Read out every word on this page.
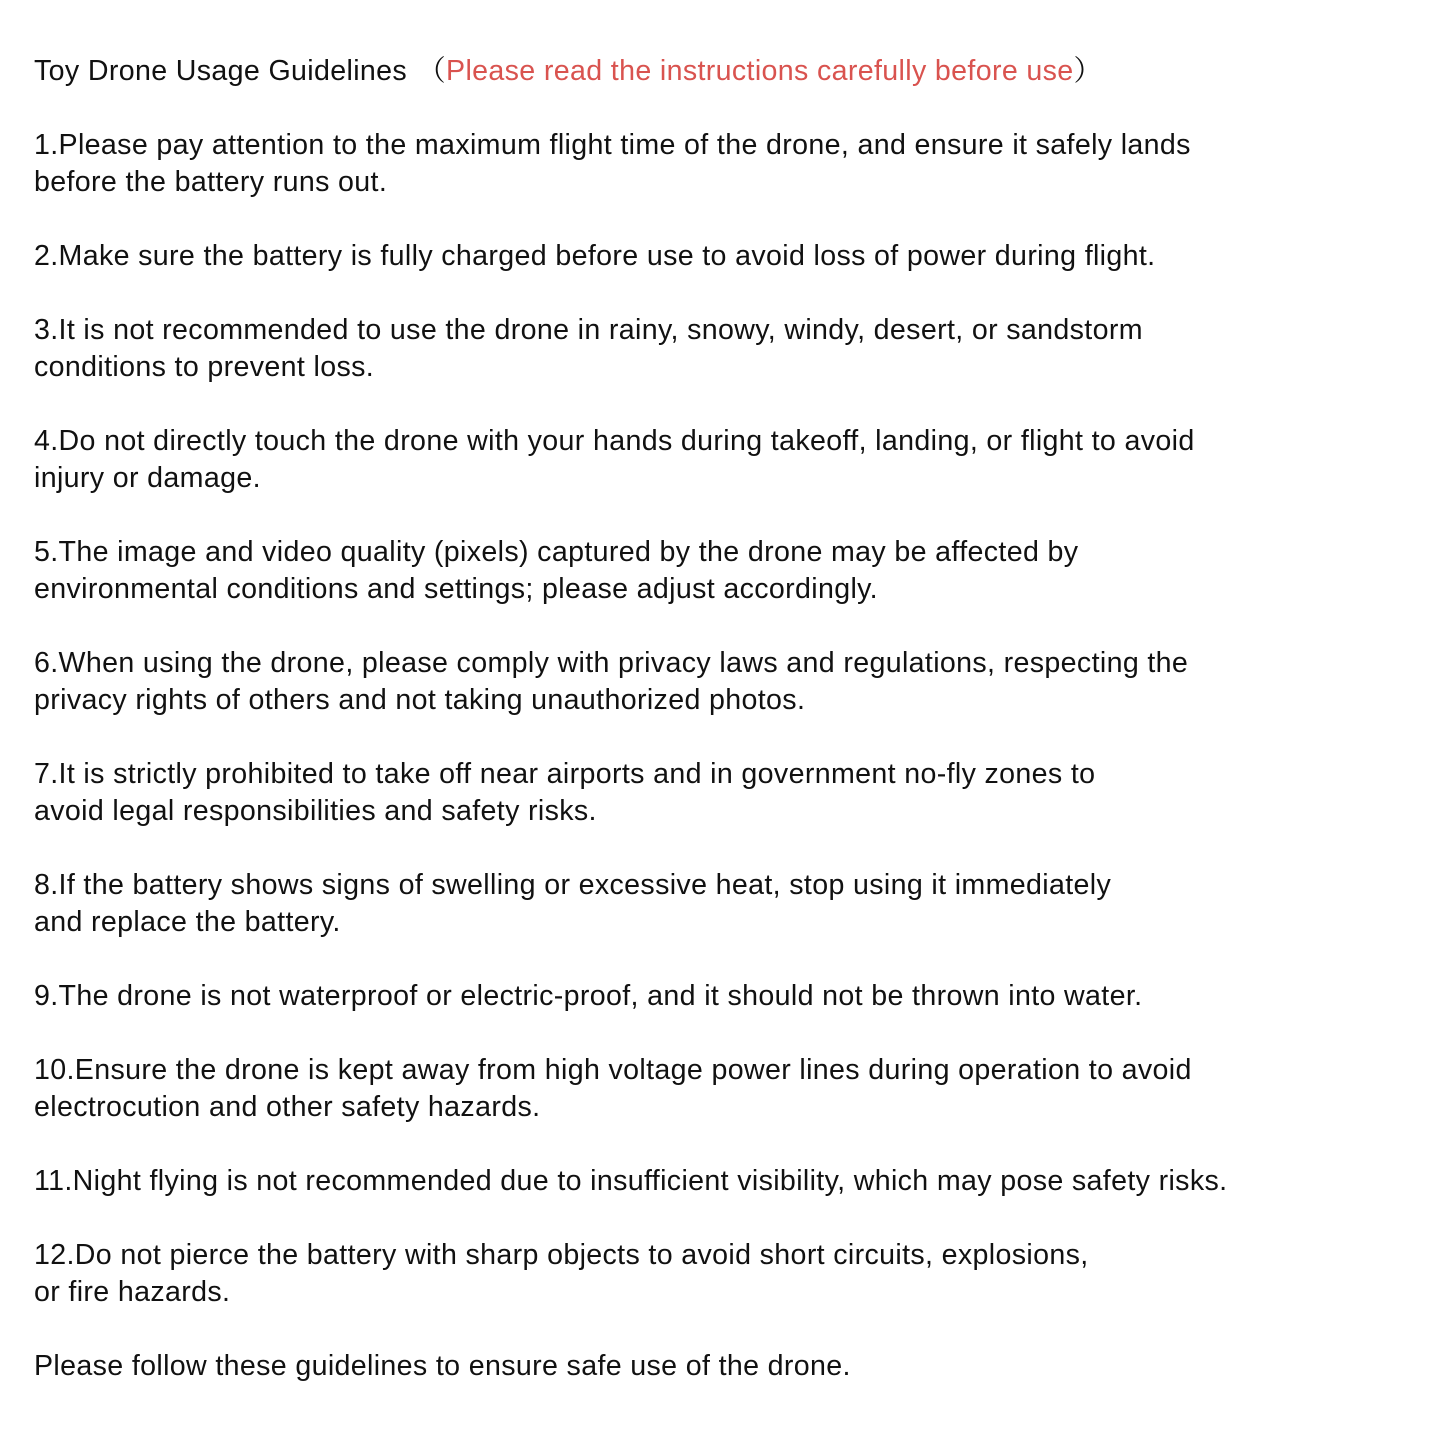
Toy Drone Usage Guidelines （Please read the instructions carefully before use）

1.Please pay attention to the maximum flight time of the drone, and ensure it safely lands
before the battery runs out.

2.Make sure the battery is fully charged before use to avoid loss of power during flight.

3.It is not recommended to use the drone in rainy, snowy, windy, desert, or sandstorm
conditions to prevent loss.

4.Do not directly touch the drone with your hands during takeoff, landing, or flight to avoid
injury or damage.

5.The image and video quality (pixels) captured by the drone may be affected by
environmental conditions and settings; please adjust accordingly.

6.When using the drone, please comply with privacy laws and regulations, respecting the
privacy rights of others and not taking unauthorized photos.

7.It is strictly prohibited to take off near airports and in government no-fly zones to
avoid legal responsibilities and safety risks.

8.If the battery shows signs of swelling or excessive heat, stop using it immediately
and replace the battery.

9.The drone is not waterproof or electric-proof, and it should not be thrown into water.

10.Ensure the drone is kept away from high voltage power lines during operation to avoid
electrocution and other safety hazards.

11.Night flying is not recommended due to insufficient visibility, which may pose safety risks.

12.Do not pierce the battery with sharp objects to avoid short circuits, explosions,
or fire hazards.

Please follow these guidelines to ensure safe use of the drone.
